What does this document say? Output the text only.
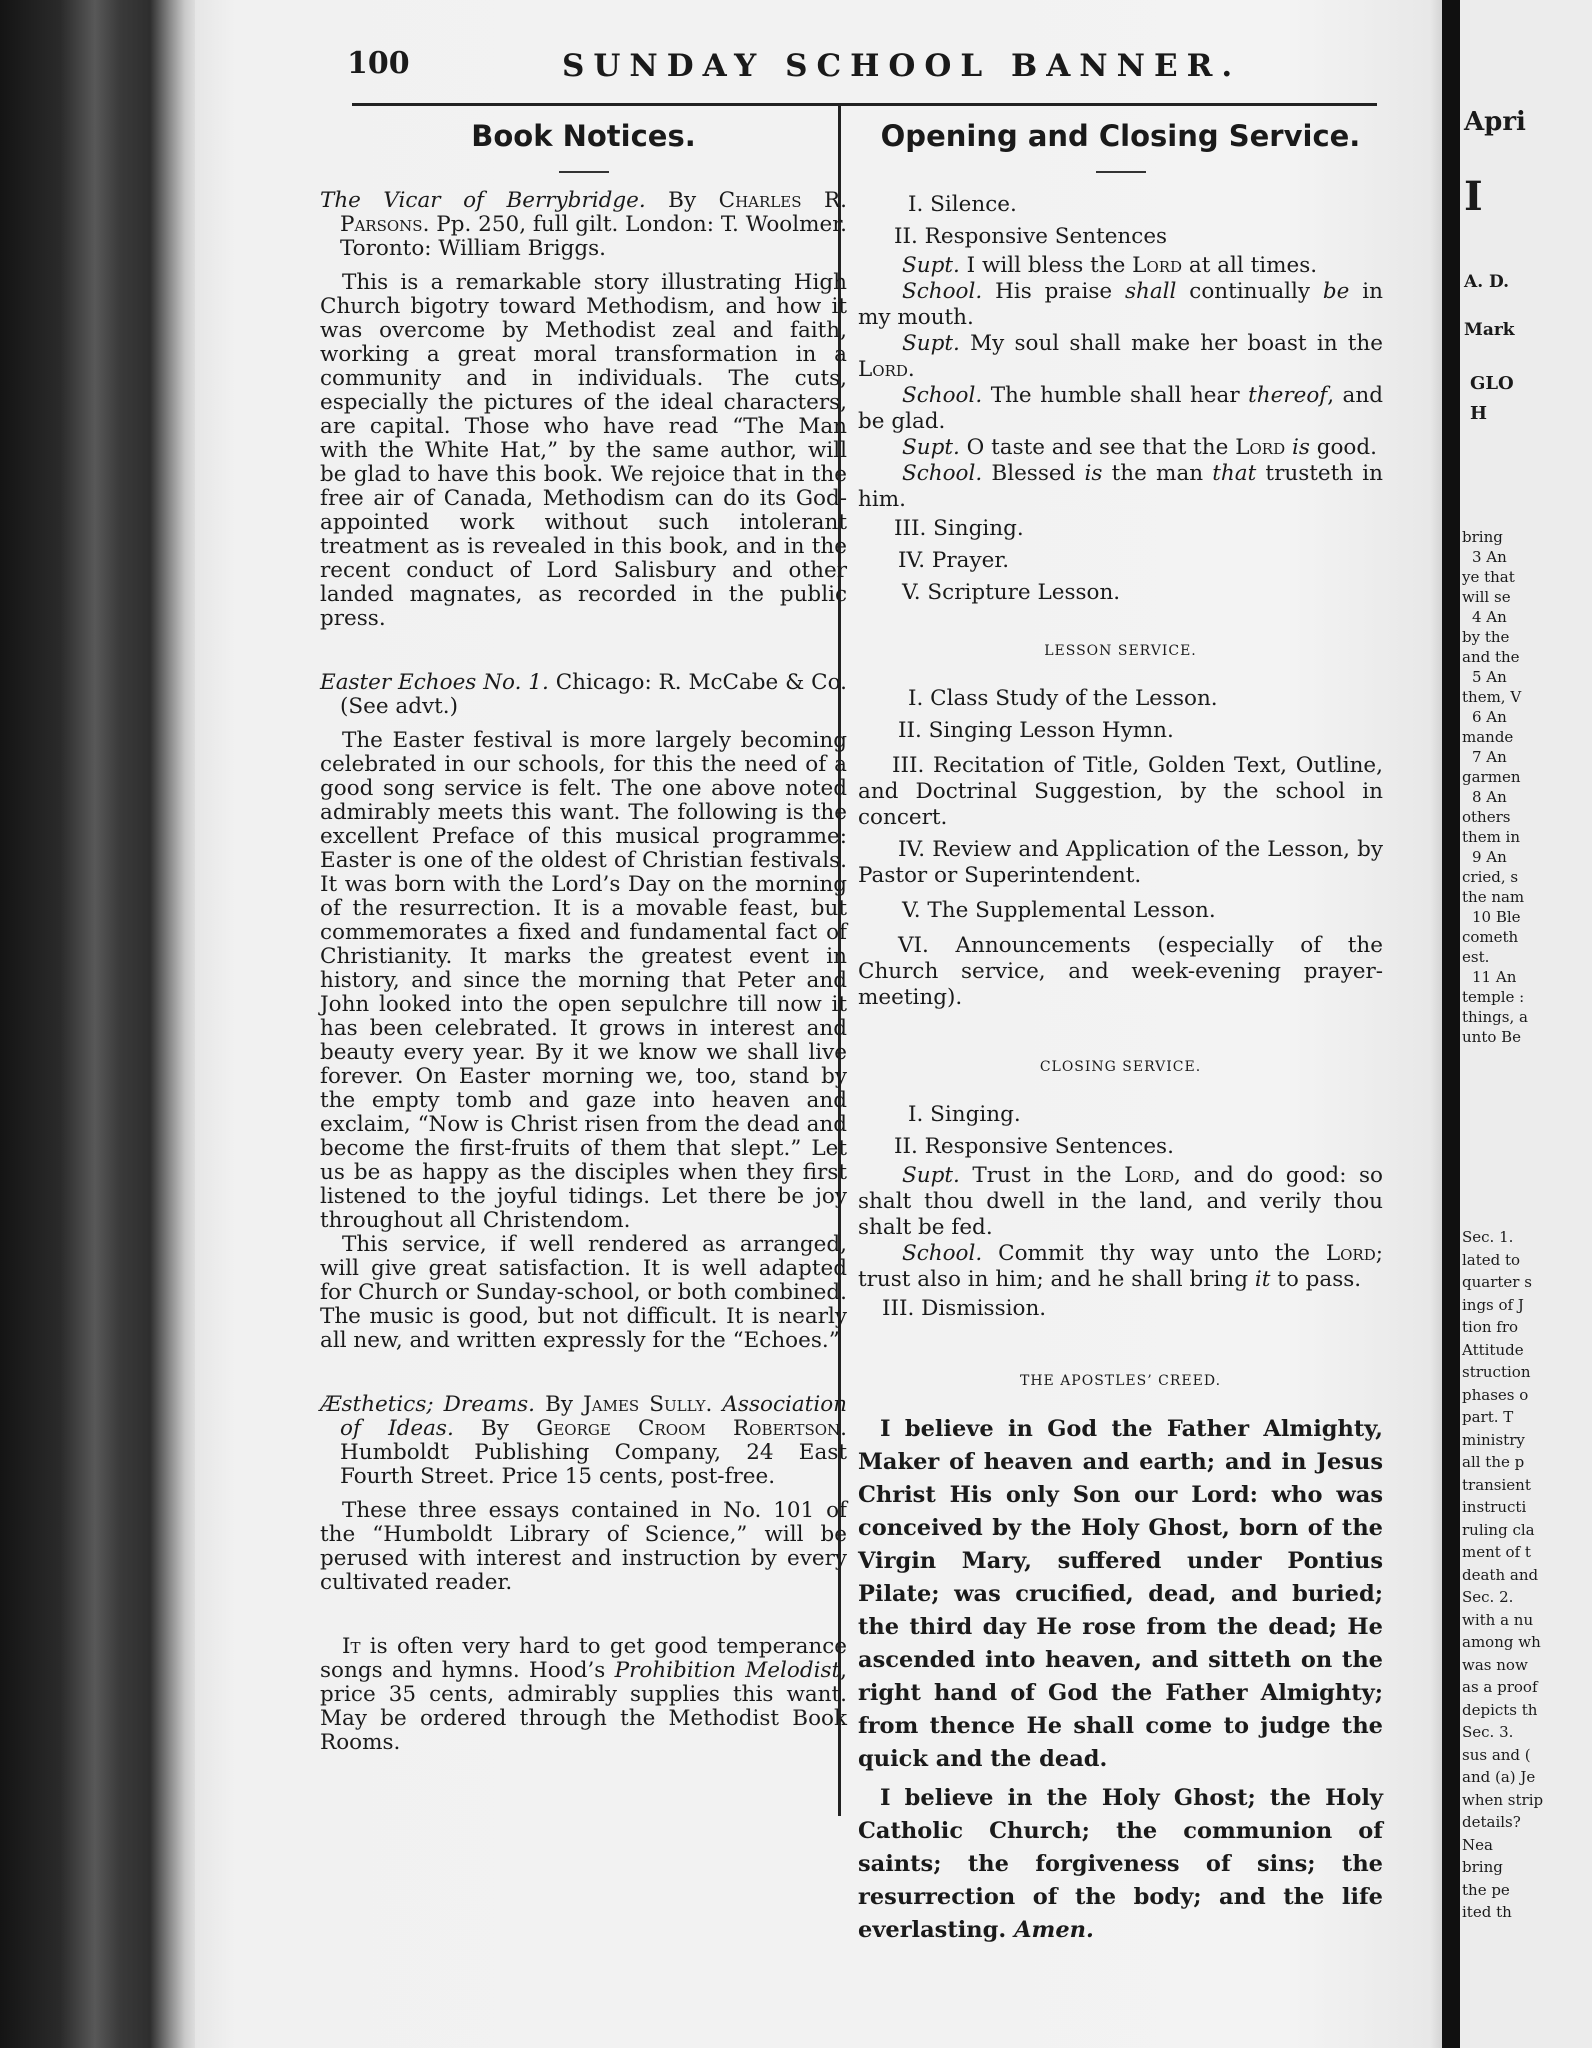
100	SUNDAY SCHOOL BANNER.
Book Notices.

The Vicar of Berrybridge. By Charles R. Parsons. Pp. 250, full gilt. London: T. Woolmer. Toronto: William Briggs.

This is a remarkable story illustrating High Church bigotry toward Methodism, and how it was overcome by Methodist zeal and faith, working a great moral transformation in a community and in individuals. The cuts, especially the pictures of the ideal characters, are capital. Those who have read “The Man with the White Hat,” by the same author, will be glad to have this book. We rejoice that in the free air of Canada, Methodism can do its God-appointed work without such intolerant treatment as is revealed in this book, and in the recent conduct of Lord Salisbury and other landed magnates, as recorded in the public press.

Easter Echoes No. 1. Chicago: R. McCabe & Co. (See advt.)

The Easter festival is more largely becoming celebrated in our schools, for this the need of a good song service is felt. The one above noted admirably meets this want. The following is the excellent Preface of this musical programme: Easter is one of the oldest of Christian festivals. It was born with the Lord’s Day on the morning of the resurrection. It is a movable feast, but commemorates a fixed and fundamental fact of Christianity. It marks the greatest event in history, and since the morning that Peter and John looked into the open sepulchre till now it has been celebrated. It grows in interest and beauty every year. By it we know we shall live forever. On Easter morning we, too, stand by the empty tomb and gaze into heaven and exclaim, “Now is Christ risen from the dead and become the first-fruits of them that slept.” Let us be as happy as the disciples when they first listened to the joyful tidings. Let there be joy throughout all Christendom.

This service, if well rendered as arranged, will give great satisfaction. It is well adapted for Church or Sunday-school, or both combined. The music is good, but not difficult. It is nearly all new, and written expressly for the “Echoes.”

Æsthetics; Dreams. By James Sully. Association of Ideas. By George Croom Robertson. Humboldt Publishing Company, 24 East Fourth Street. Price 15 cents, post-free.

These three essays contained in No. 101 of the “Humboldt Library of Science,” will be perused with interest and instruction by every cultivated reader.

It is often very hard to get good temperance songs and hymns. Hood’s Prohibition Melodist, price 35 cents, admirably supplies this want. May be ordered through the Methodist Book Rooms.

Opening and Closing Service.
I. Silence.
II. Responsive Sentences

Supt. I will bless the Lord at all times.

School. His praise shall continually be in my mouth.

Supt. My soul shall make her boast in the Lord.

School. The humble shall hear thereof, and be glad.

Supt. O taste and see that the Lord is good.

School. Blessed is the man that trusteth in him.

III. Singing.
IV. Prayer.
V. Scripture Lesson.
LESSON SERVICE.
I. Class Study of the Lesson.
II. Singing Lesson Hymn.
III. Recitation of Title, Golden Text, Outline, and Doctrinal Suggestion, by the school in concert.
IV. Review and Application of the Lesson, by Pastor or Superintendent.
V. The Supplemental Lesson.
VI. Announcements (especially of the Church service, and week-evening prayer-meeting).
CLOSING SERVICE.
I. Singing.
II. Responsive Sentences.

Supt. Trust in the Lord, and do good: so shalt thou dwell in the land, and verily thou shalt be fed.

School. Commit thy way unto the Lord; trust also in him; and he shall bring it to pass.

III. Dismission.
THE APOSTLES’ CREED.

I believe in God the Father Almighty, Maker of heaven and earth; and in Jesus Christ His only Son our Lord: who was conceived by the Holy Ghost, born of the Virgin Mary, suffered under Pontius Pilate; was crucified, dead, and buried; the third day He rose from the dead; He ascended into heaven, and sitteth on the right hand of God the Father Almighty; from thence He shall come to judge the quick and the dead.

I believe in the Holy Ghost; the Holy Catholic Church; the communion of saints; the forgiveness of sins; the resurrection of the body; and the life everlasting. Amen.

Apri
I
A. D.
Mark
GLO
H
bring
3 An
ye that
will se
4 An
by the
and the
5 An
them, V
6 An
mande
7 An
garmen
8 An
others
them in
9 An
cried, s
the nam
10 Ble
cometh
est.
11 An
temple :
things, a
unto Be
Sec. 1.
lated to
quarter s
ings of J
tion fro
Attitude
struction
phases o
part. T
ministry
all the p
transient
instructi
ruling cla
ment of t
death and
Sec. 2.
with a nu
among wh
was now
as a proof
depicts th
Sec. 3.
sus and (
and (a) Je
when strip
details?
Nea
bring
the pe
ited th
